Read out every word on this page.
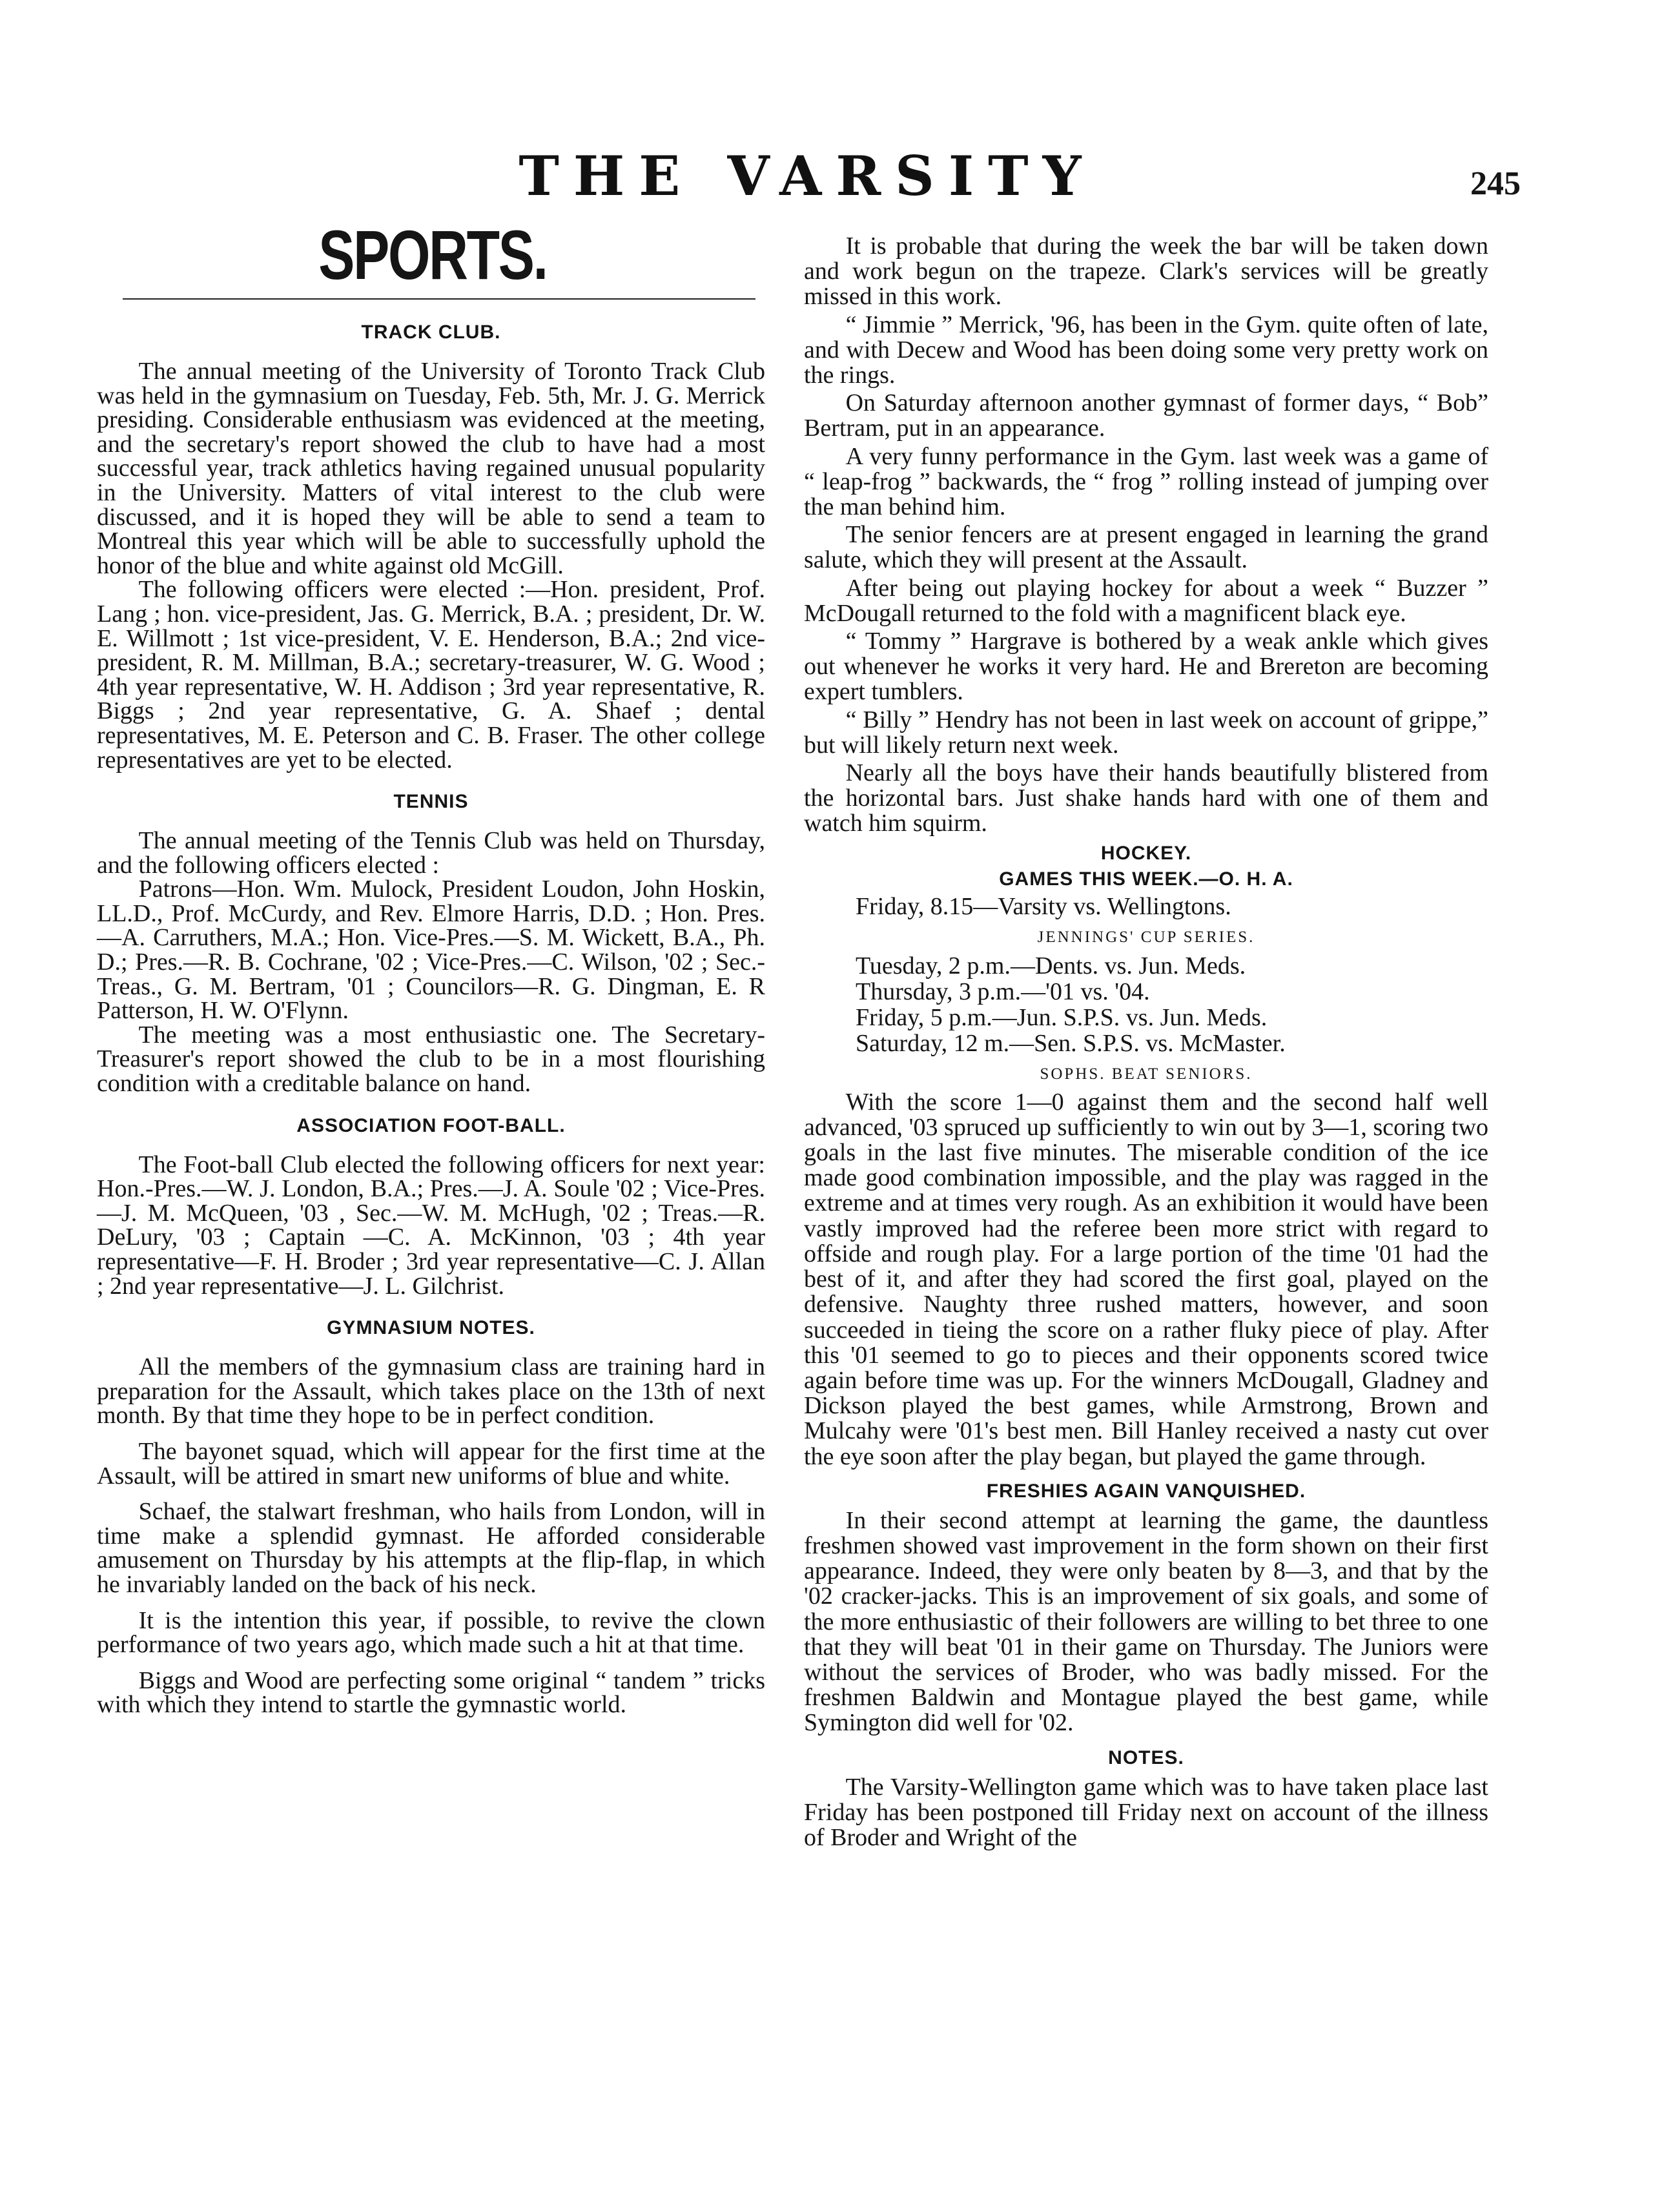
THE VARSITY	245
SPORTS.
TRACK CLUB.

The annual meeting of the University of Toronto Track Club was held in the gymnasium on Tuesday, Feb. 5th, Mr. J. G. Merrick presiding. Considerable enthusiasm was evidenced at the meeting, and the secretary's report showed the club to have had a most successful year, track athletics having regained unusual popularity in the University. Matters of vital interest to the club were discussed, and it is hoped they will be able to send a team to Montreal this year which will be able to successfully uphold the honor of the blue and white against old McGill.

The following officers were elected :—Hon. president, Prof. Lang ; hon. vice-president, Jas. G. Merrick, B.A. ; president, Dr. W. E. Willmott ; 1st vice-president, V. E. Henderson, B.A.; 2nd vice-president, R. M. Millman, B.A.; secretary-treasurer, W. G. Wood ; 4th year representative, W. H. Addison ; 3rd year representative, R. Biggs ; 2nd year representative, G. A. Shaef ; dental representatives, M. E. Peterson and C. B. Fraser. The other college representatives are yet to be elected.

TENNIS

The annual meeting of the Tennis Club was held on Thursday, and the following officers elected :

Patrons—Hon. Wm. Mulock, President Loudon, John Hoskin, LL.D., Prof. McCurdy, and Rev. Elmore Harris, D.D. ; Hon. Pres.—A. Carruthers, M.A.; Hon. Vice-Pres.—S. M. Wickett, B.A., Ph. D.; Pres.—R. B. Cochrane, '02 ; Vice-Pres.—C. Wilson, '02 ; Sec.-Treas., G. M. Bertram, '01 ; Councilors—R. G. Dingman, E. R Patterson, H. W. O'Flynn.

The meeting was a most enthusiastic one. The Secretary-Treasurer's report showed the club to be in a most flourishing condition with a creditable balance on hand.

ASSOCIATION FOOT-BALL.

The Foot-ball Club elected the following officers for next year: Hon.-Pres.—W. J. London, B.A.; Pres.—J. A. Soule '02 ; Vice-Pres.—J. M. McQueen, '03 , Sec.—W. M. McHugh, '02 ; Treas.—R. DeLury, '03 ; Captain —C. A. McKinnon, '03 ; 4th year representative—F. H. Broder ; 3rd year representative—C. J. Allan ; 2nd year representative—J. L. Gilchrist.

GYMNASIUM NOTES.

All the members of the gymnasium class are training hard in preparation for the Assault, which takes place on the 13th of next month. By that time they hope to be in perfect condition.

The bayonet squad, which will appear for the first time at the Assault, will be attired in smart new uniforms of blue and white.

Schaef, the stalwart freshman, who hails from London, will in time make a splendid gymnast. He afforded considerable amusement on Thursday by his attempts at the flip-flap, in which he invariably landed on the back of his neck.

It is the intention this year, if possible, to revive the clown performance of two years ago, which made such a hit at that time.

Biggs and Wood are perfecting some original “ tandem ” tricks with which they intend to startle the gymnastic world.

It is probable that during the week the bar will be taken down and work begun on the trapeze. Clark's services will be greatly missed in this work.

“ Jimmie ” Merrick, '96, has been in the Gym. quite often of late, and with Decew and Wood has been doing some very pretty work on the rings.

On Saturday afternoon another gymnast of former days, “ Bob” Bertram, put in an appearance.

A very funny performance in the Gym. last week was a game of “ leap-frog ” backwards, the “ frog ” rolling instead of jumping over the man behind him.

The senior fencers are at present engaged in learning the grand salute, which they will present at the Assault.

After being out playing hockey for about a week “ Buzzer ” McDougall returned to the fold with a magnificent black eye.

“ Tommy ” Hargrave is bothered by a weak ankle which gives out whenever he works it very hard. He and Brereton are becoming expert tumblers.

“ Billy ” Hendry has not been in last week on account of grippe,” but will likely return next week.

Nearly all the boys have their hands beautifully blistered from the horizontal bars. Just shake hands hard with one of them and watch him squirm.

HOCKEY.
GAMES THIS WEEK.—O. H. A.

Friday, 8.15—Varsity vs. Wellingtons.

JENNINGS' CUP SERIES.
Tuesday, 2 p.m.—Dents. vs. Jun. Meds.
Thursday, 3 p.m.—'01 vs. '04.
Friday, 5 p.m.—Jun. S.P.S. vs. Jun. Meds.
Saturday, 12 m.—Sen. S.P.S. vs. McMaster.
SOPHS. BEAT SENIORS.

With the score 1—0 against them and the second half well advanced, '03 spruced up sufficiently to win out by 3—1, scoring two goals in the last five minutes. The miserable condition of the ice made good combination impossible, and the play was ragged in the extreme and at times very rough. As an exhibition it would have been vastly improved had the referee been more strict with regard to offside and rough play. For a large portion of the time '01 had the best of it, and after they had scored the first goal, played on the defensive. Naughty three rushed matters, however, and soon succeeded in tieing the score on a rather fluky piece of play. After this '01 seemed to go to pieces and their opponents scored twice again before time was up. For the winners McDougall, Gladney and Dickson played the best games, while Armstrong, Brown and Mulcahy were '01's best men. Bill Hanley received a nasty cut over the eye soon after the play began, but played the game through.

FRESHIES AGAIN VANQUISHED.

In their second attempt at learning the game, the dauntless freshmen showed vast improvement in the form shown on their first appearance. Indeed, they were only beaten by 8—3, and that by the '02 cracker-jacks. This is an improvement of six goals, and some of the more enthusiastic of their followers are willing to bet three to one that they will beat '01 in their game on Thursday. The Juniors were without the services of Broder, who was badly missed. For the freshmen Baldwin and Montague played the best game, while Symington did well for '02.

NOTES.

The Varsity-Wellington game which was to have taken place last Friday has been postponed till Friday next on account of the illness of Broder and Wright of the
